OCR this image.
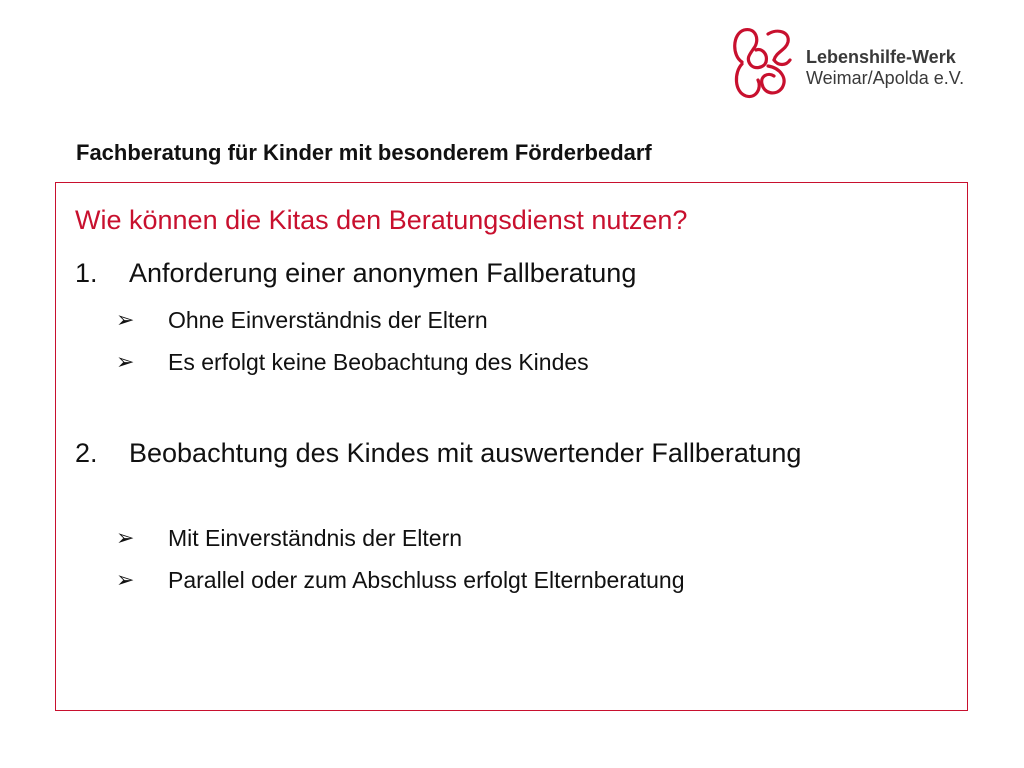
Lebenshilfe-Werk
Weimar/Apolda e.V.
Fachberatung für Kinder mit besonderem Förderbedarf
Wie können die Kitas den Beratungsdienst nutzen?
1. Anforderung einer anonymen Fallberatung
➢ Ohne Einverständnis der Eltern
➢ Es erfolgt keine Beobachtung des Kindes
2. Beobachtung des Kindes mit auswertender Fallberatung
➢ Mit Einverständnis der Eltern
➢ Parallel oder zum Abschluss erfolgt Elternberatung
